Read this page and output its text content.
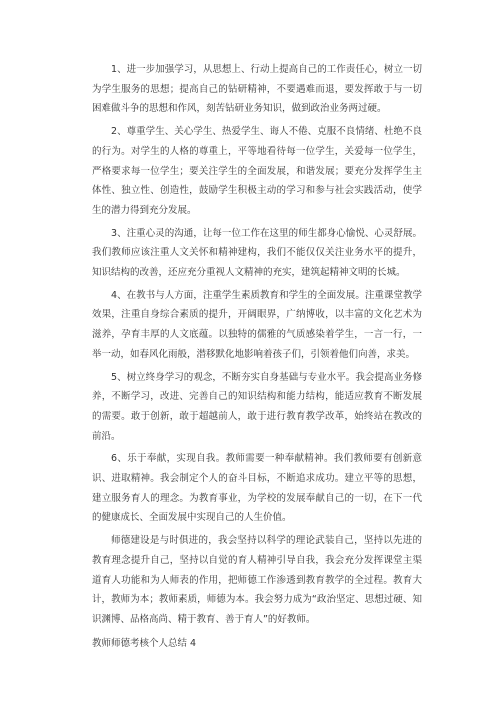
1、进一步加强学习，从思想上、行动上提高自己的工作责任心，树立一切为学生服务的思想；提高自己的钻研精神，不要遇难而退，要发挥敢于与一切困难做斗争的思想和作风，刻苦钻研业务知识，做到政治业务两过硬。

2、尊重学生、关心学生、热爱学生、诲人不倦、克服不良情绪、杜绝不良的行为。对学生的人格的尊重上，平等地看待每一位学生，关爱每一位学生，严格要求每一位学生；要关注学生的全面发展，和谐发展；要充分发挥学生主体性、独立性、创造性，鼓励学生积极主动的学习和参与社会实践活动，使学生的潜力得到充分发展。

3、注重心灵的沟通，让每一位工作在这里的师生都身心愉悦、心灵舒展。我们教师应该注重人文关怀和精神建构，我们不能仅仅关注业务水平的提升，知识结构的改善，还应充分重视人文精神的充实，建筑起精神文明的长城。

4、在教书与人方面，注重学生素质教育和学生的全面发展。注重课堂教学效果，注重自身综合素质的提升，开阔眼界，广纳博收，以丰富的文化艺术为滋养，孕育丰厚的人文底蕴。以独特的儒雅的气质感染着学生，一言一行，一举一动，如春风化雨般，潜移默化地影响着孩子们，引领着他们向善，求美。

5、树立终身学习的观念，不断夯实自身基础与专业水平。我会提高业务修养，不断学习，改进、完善自己的知识结构和能力结构，能适应教育不断发展的需要。敢于创新，敢于超越前人，敢于进行教育教学改革，始终站在教改的前沿。

6、乐于奉献，实现自我。教师需要一种奉献精神。我们教师要有创新意识、进取精神。我会制定个人的奋斗目标，不断追求成功。建立平等的思想，建立服务育人的理念。为教育事业，为学校的发展奉献自己的一切，在下一代的健康成长、全面发展中实现自己的人生价值。

师德建设是与时俱进的，我会坚持以科学的理论武装自己，坚持以先进的教育理念提升自己，坚持以自觉的育人精神引导自我，我会充分发挥课堂主渠道育人功能和为人师表的作用，把师德工作渗透到教育教学的全过程。教育大计，教师为本；教师素质，师德为本。我会努力成为“政治坚定、思想过硬、知识渊博、品格高尚、精于教育、善于育人”的好教师。

教师师德考核个人总结 4
